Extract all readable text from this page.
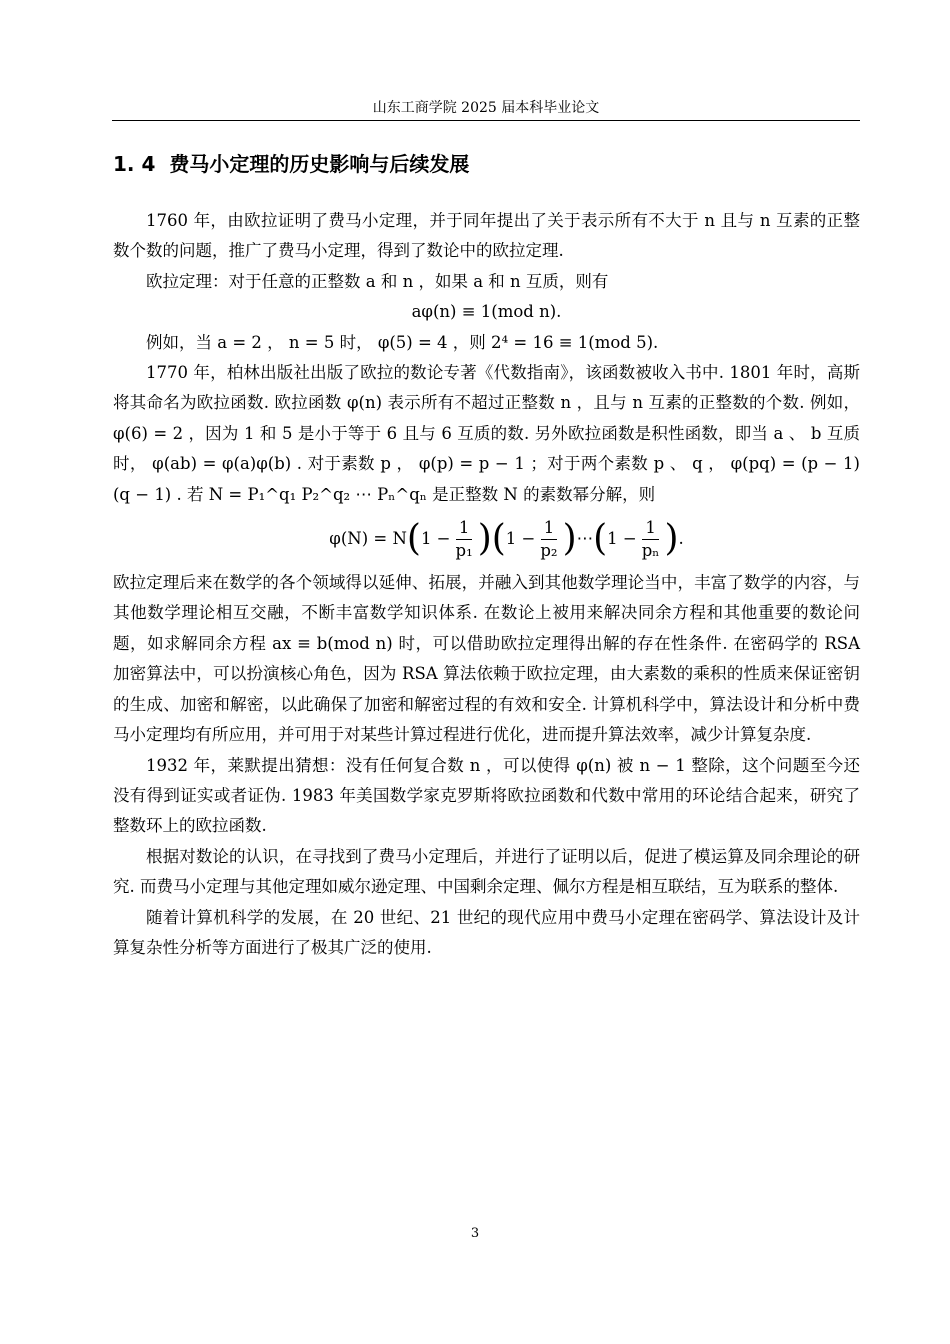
山东工商学院 2025 届本科毕业论文
1. 4 费马小定理的历史影响与后续发展

1760 年，由欧拉证明了费马小定理，并于同年提出了关于表示所有不大于 n 且与 n 互素的正整数个数的问题，推广了费马小定理，得到了数论中的欧拉定理.

欧拉定理：对于任意的正整数 a 和 n ，如果 a 和 n 互质，则有

aφ(n) ≡ 1(mod n).

例如，当 a = 2 ， n = 5 时， φ(5) = 4 ，则 2⁴ = 16 ≡ 1(mod 5).

1770 年，柏林出版社出版了欧拉的数论专著《代数指南》，该函数被收入书中. 1801 年时，高斯将其命名为欧拉函数. 欧拉函数 φ(n) 表示所有不超过正整数 n ，且与 n 互素的正整数的个数. 例如， φ(6) = 2 ，因为 1 和 5 是小于等于 6 且与 6 互质的数. 另外欧拉函数是积性函数，即当 a 、 b 互质时， φ(ab) = φ(a)φ(b) . 对于素数 p ， φ(p) = p − 1 ；对于两个素数 p 、 q ， φ(pq) = (p − 1)(q − 1) . 若 N = P₁^q₁ P₂^q₂ ⋯ Pₙ^qₙ 是正整数 N 的素数幂分解，则

φ(N) = N ( $1 - \frac{1}{\text{p₁}}$ ) ( $1 - \frac{1}{\text{p₂}}$ ) ⋯ ( $1 - \frac{1}{\text{pₙ}}$ ) .

欧拉定理后来在数学的各个领域得以延伸、拓展，并融入到其他数学理论当中，丰富了数学的内容，与其他数学理论相互交融，不断丰富数学知识体系. 在数论上被用来解决同余方程和其他重要的数论问题，如求解同余方程 ax ≡ b(mod n) 时，可以借助欧拉定理得出解的存在性条件. 在密码学的 RSA 加密算法中，可以扮演核心角色，因为 RSA 算法依赖于欧拉定理，由大素数的乘积的性质来保证密钥的生成、加密和解密，以此确保了加密和解密过程的有效和安全. 计算机科学中，算法设计和分析中费马小定理均有所应用，并可用于对某些计算过程进行优化，进而提升算法效率，减少计算复杂度.

1932 年，莱默提出猜想：没有任何复合数 n ，可以使得 φ(n) 被 n − 1 整除，这个问题至今还没有得到证实或者证伪. 1983 年美国数学家克罗斯将欧拉函数和代数中常用的环论结合起来，研究了整数环上的欧拉函数.

根据对数论的认识，在寻找到了费马小定理后，并进行了证明以后，促进了模运算及同余理论的研究. 而费马小定理与其他定理如威尔逊定理、中国剩余定理、佩尔方程是相互联结，互为联系的整体.

随着计算机科学的发展，在 20 世纪、21 世纪的现代应用中费马小定理在密码学、算法设计及计算复杂性分析等方面进行了极其广泛的使用.

3
